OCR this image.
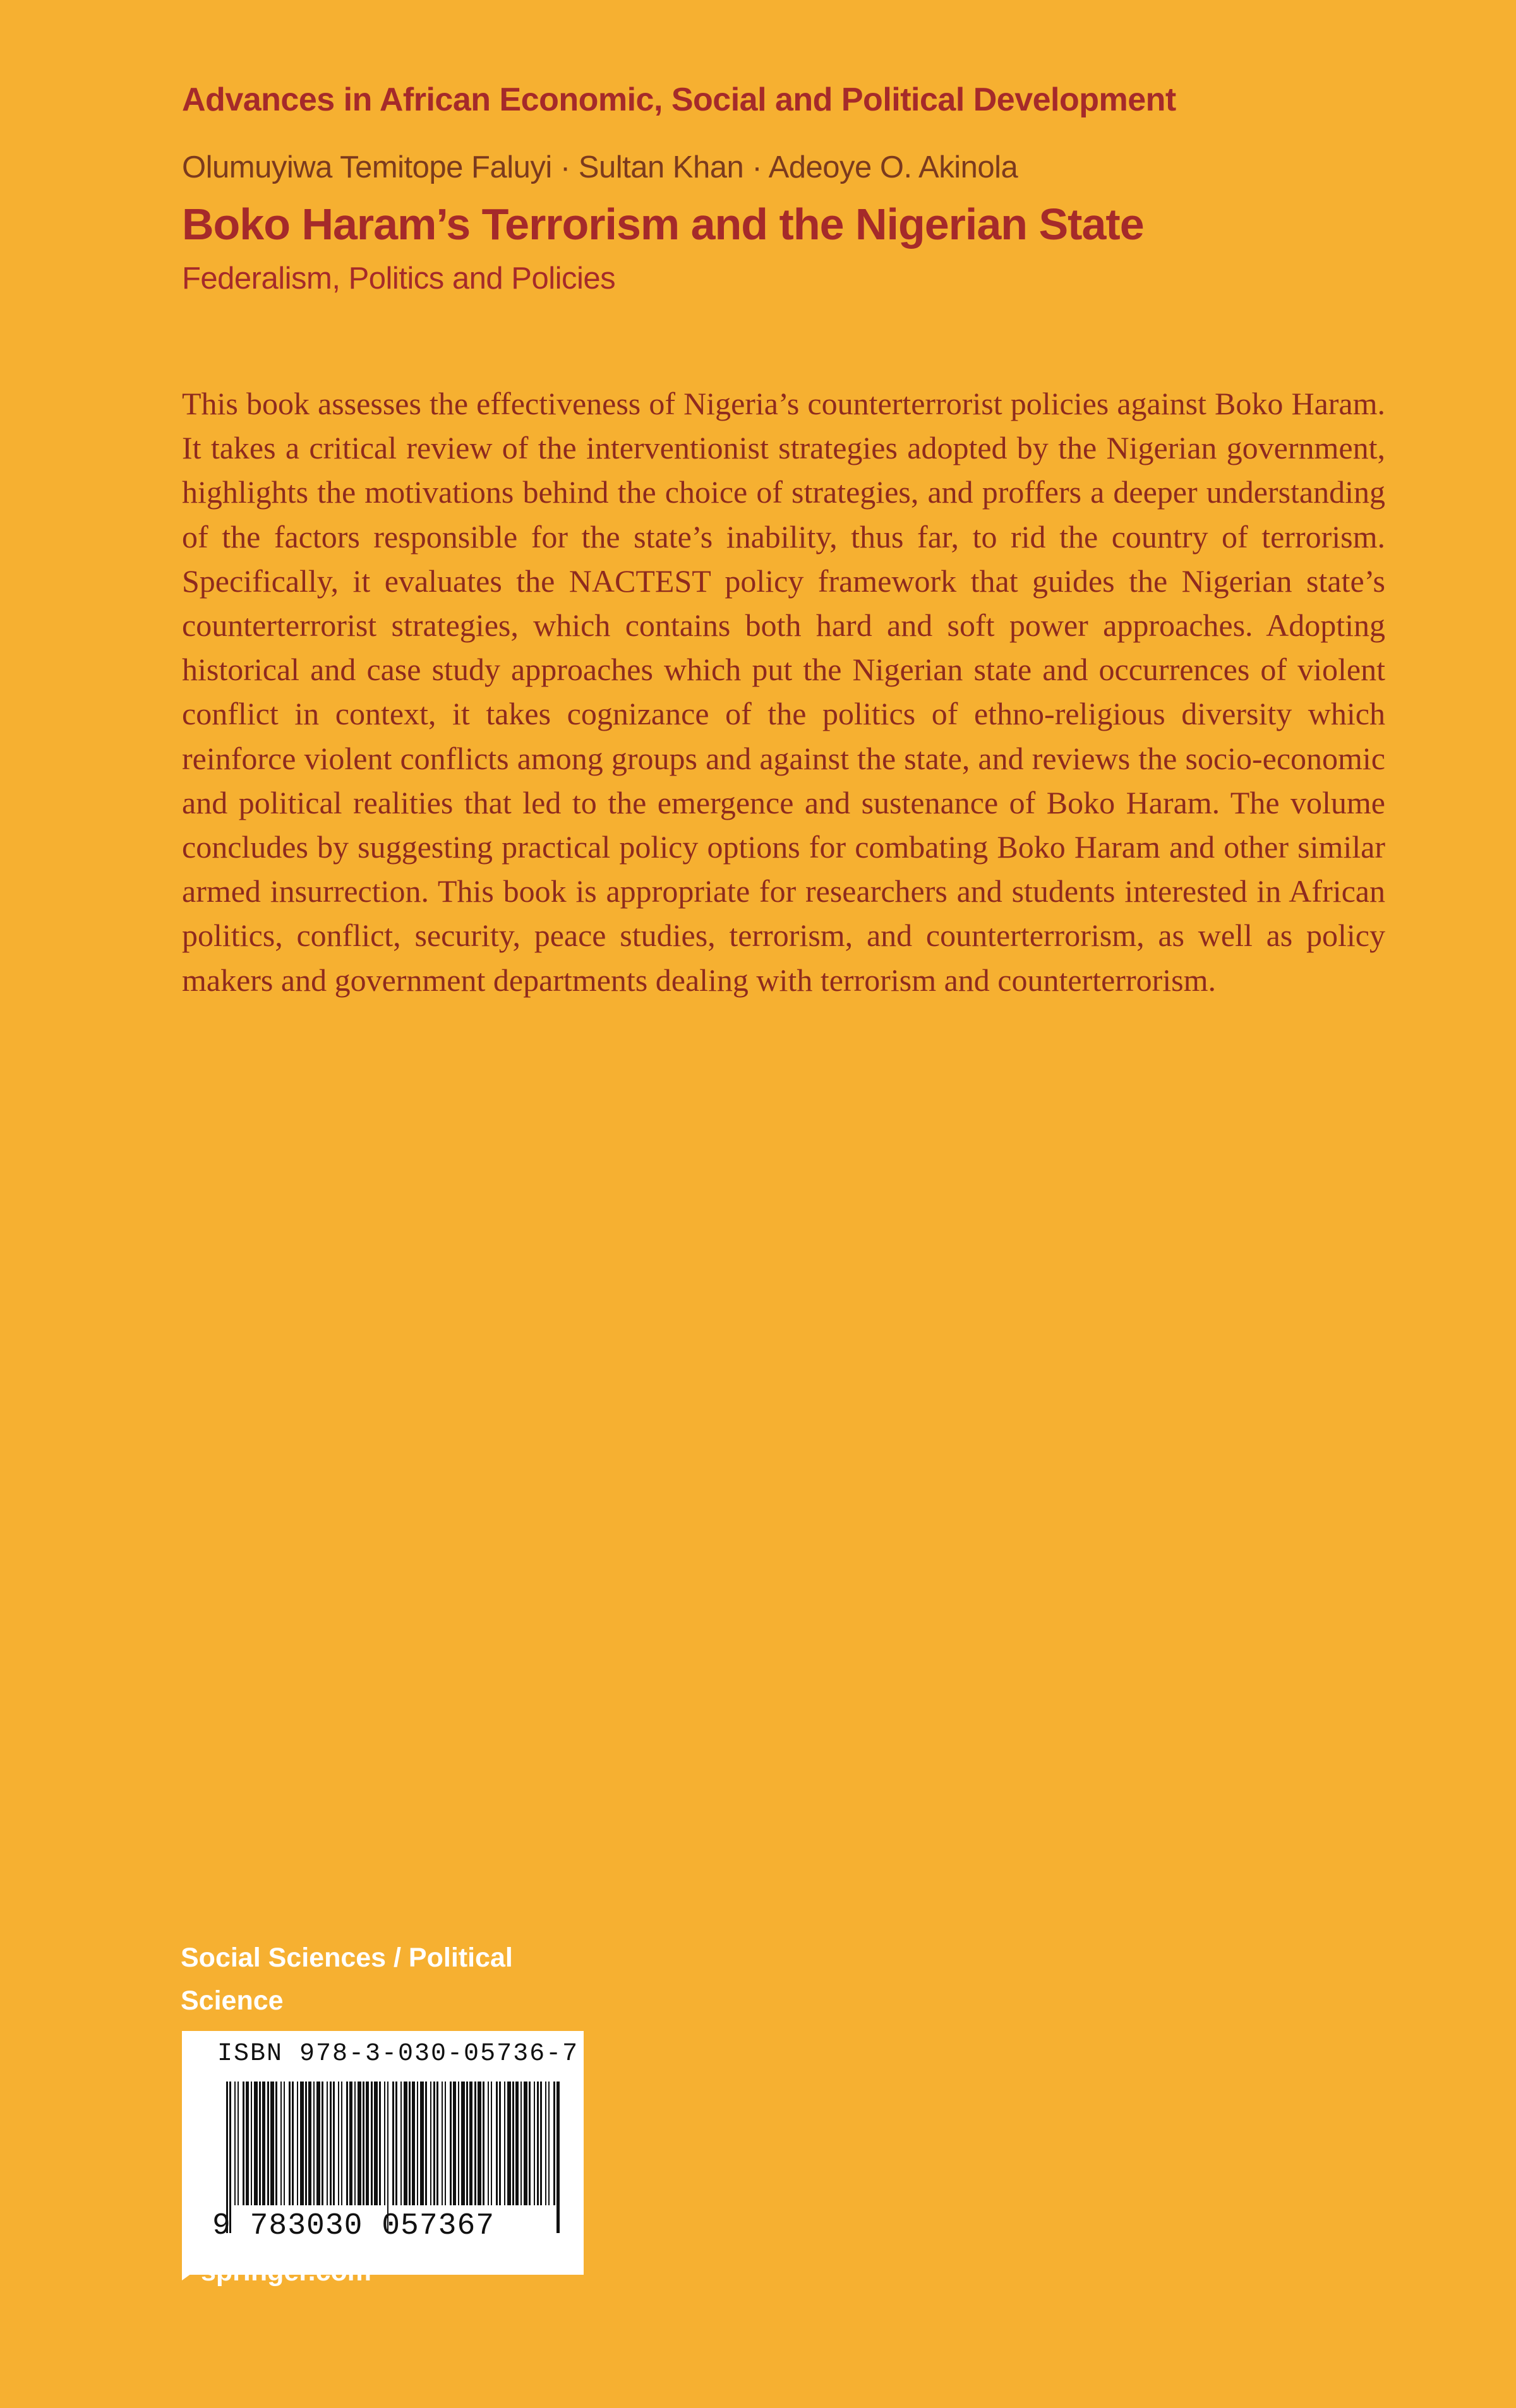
Advances in African Economic, Social and Political Development
Olumuyiwa Temitope Faluyi · Sultan Khan · Adeoye O. Akinola
Boko Haram’s Terrorism and the Nigerian State
Federalism, Politics and Policies

This book assesses the effectiveness of Nigeria’s counterterrorist policies against Boko Haram. It takes a critical review of the interventionist strategies adopted by the Nigerian government, highlights the motivations behind the choice of strategies, and proffers a deeper understanding of the factors responsible for the state’s inability, thus far, to rid the country of terrorism. Specifically, it evaluates the NACTEST policy framework that guides the Nigerian state’s counterterrorist strategies, which contains both hard and soft power approaches. Adopting historical and case study approaches which put the Nigerian state and occurrences of violent conflict in context, it takes cognizance of the politics of ethno-religious diversity which reinforce violent conflicts among groups and against the state, and reviews the socio-economic and political realities that led to the emergence and sustenance of Boko Haram. The volume concludes by suggesting practical policy options for combating Boko Haram and other similar armed insurrection. This book is appropriate for researchers and students interested in African politics, conflict, security, peace studies, terrorism, and counterterrorism, as well as policy makers and government departments dealing with terrorism and counterterrorism.

Social Sciences / Political
Science
ISBN 978-3-030-05736-7
9 783030 057367
springer.com
